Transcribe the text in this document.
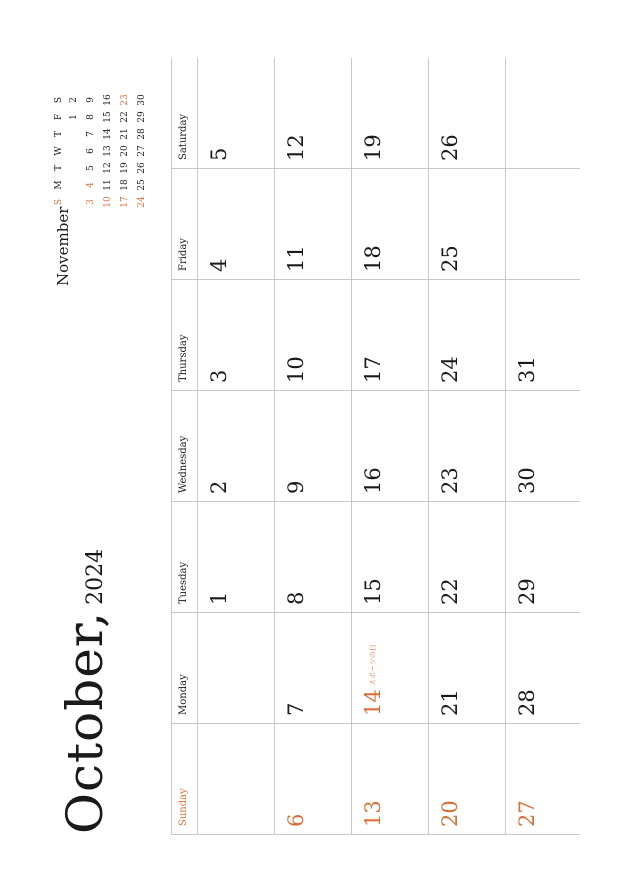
October,2024
Sunday
Monday
Tuesday
Wednesday
Thursday
Friday
Saturday
1
2
3
4
5
6
7
8
9
10
11
12
13
14
スポーツの日
15
16
17
18
19
20
21
22
23
24
25
26
27
28
29
30
31
November
S
M
T
W
T
F
S
1
2
3
4
5
6
7
8
9
10
11
12
13
14
15
16
17
18
19
20
21
22
23
24
25
26
27
28
29
30
